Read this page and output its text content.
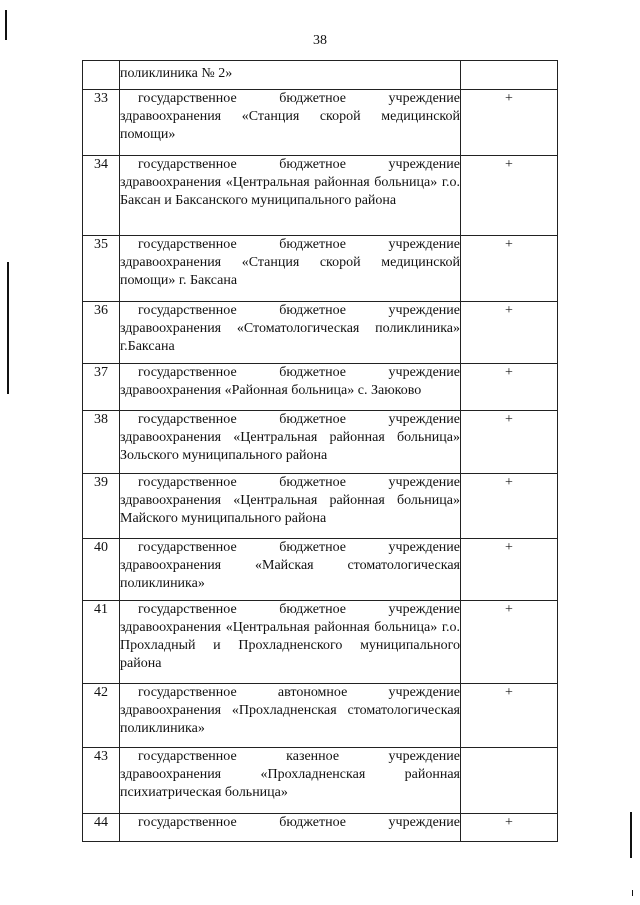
38

	поликлиника № 2»	

33	государственное бюджетное учреждение здравоохранения «Станция скорой медицинской помощи»	+
34	государственное бюджетное учреждение здравоохранения «Центральная районная больница» г.о. Баксан и Баксанского муниципального района	+
35	государственное бюджетное учреждение здравоохранения «Станция скорой медицинской помощи» г. Баксана	+
36	государственное бюджетное учреждение здравоохранения «Стоматологическая поликлиника» г.Баксана	+
37	государственное бюджетное учреждение здравоохранения «Районная больница» с. Заюково	+
38	государственное бюджетное учреждение здравоохранения «Центральная районная больница» Зольского муниципального района	+
39	государственное бюджетное учреждение здравоохранения «Центральная районная больница» Майского муниципального района	+
40	государственное бюджетное учреждение здравоохранения «Майская стоматологическая поликлиника»	+
41	государственное бюджетное учреждение здравоохранения «Центральная районная больница» г.о. Прохладный и Прохладненского муниципального района	+
42	государственное автономное учреждение здравоохранения «Прохладненская стоматологическая поликлиника»	+
43	государственное казенное учреждение здравоохранения «Прохладненская районная психиатрическая больница»	

44	государственное бюджетное учреждение	+
